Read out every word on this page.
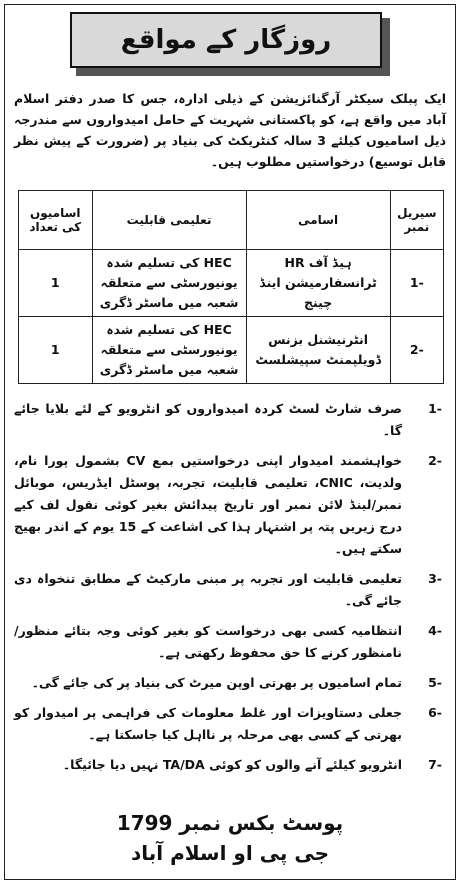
روزگار کے مواقع
ایک پبلک سیکٹر آرگنائزیشن کے ذیلی ادارہ، جس کا صدر دفتر اسلام آباد میں واقع ہے، کو پاکستانی شہریت کے حامل امیدواروں سے مندرجہ ذیل اسامیوں کیلئے 3 سالہ کنٹریکٹ کی بنیاد پر (ضرورت کے پیش نظر قابل توسیع) درخواستیں مطلوب ہیں۔
سیریل نمبر	اسامی	تعلیمی قابلیت	اسامیوں کی تعداد
-1	ہیڈ آف HR ٹرانسفارمیشن اینڈ چینج	HEC کی تسلیم شدہ یونیورسٹی سے متعلقہ شعبہ میں ماسٹر ڈگری	1
-2	انٹرنیشنل بزنس ڈویلپمنٹ سپیشلسٹ	HEC کی تسلیم شدہ یونیورسٹی سے متعلقہ شعبہ میں ماسٹر ڈگری	1
-1
صرف شارٹ لسٹ کردہ امیدواروں کو انٹرویو کے لئے بلایا جائے گا۔
-2
خواہشمند امیدوار اپنی درخواستیں بمع CV بشمول پورا نام، ولدیت، CNIC، تعلیمی قابلیت، تجربہ، پوسٹل ایڈریس، موبائل نمبر/لینڈ لائن نمبر اور تاریخ پیدائش بغیر کوئی نقول لف کیے درج زیریں پتہ پر اشتہار ہذا کی اشاعت کے 15 یوم کے اندر بھیج سکتے ہیں۔
-3
تعلیمی قابلیت اور تجربہ پر مبنی مارکیٹ کے مطابق تنخواہ دی جائے گی۔
-4
انتظامیہ کسی بھی درخواست کو بغیر کوئی وجہ بتائے منظور/نامنظور کرنے کا حق محفوظ رکھتی ہے۔
-5
تمام اسامیوں پر بھرتی اوپن میرٹ کی بنیاد پر کی جائے گی۔
-6
جعلی دستاویزات اور غلط معلومات کی فراہمی پر امیدوار کو بھرتی کے کسی بھی مرحلہ پر نااہل کیا جاسکتا ہے۔
-7
انٹرویو کیلئے آنے والوں کو کوئی TA/DA نہیں دیا جائیگا۔
پوسٹ بکس نمبر 1799
جی پی او اسلام آباد
